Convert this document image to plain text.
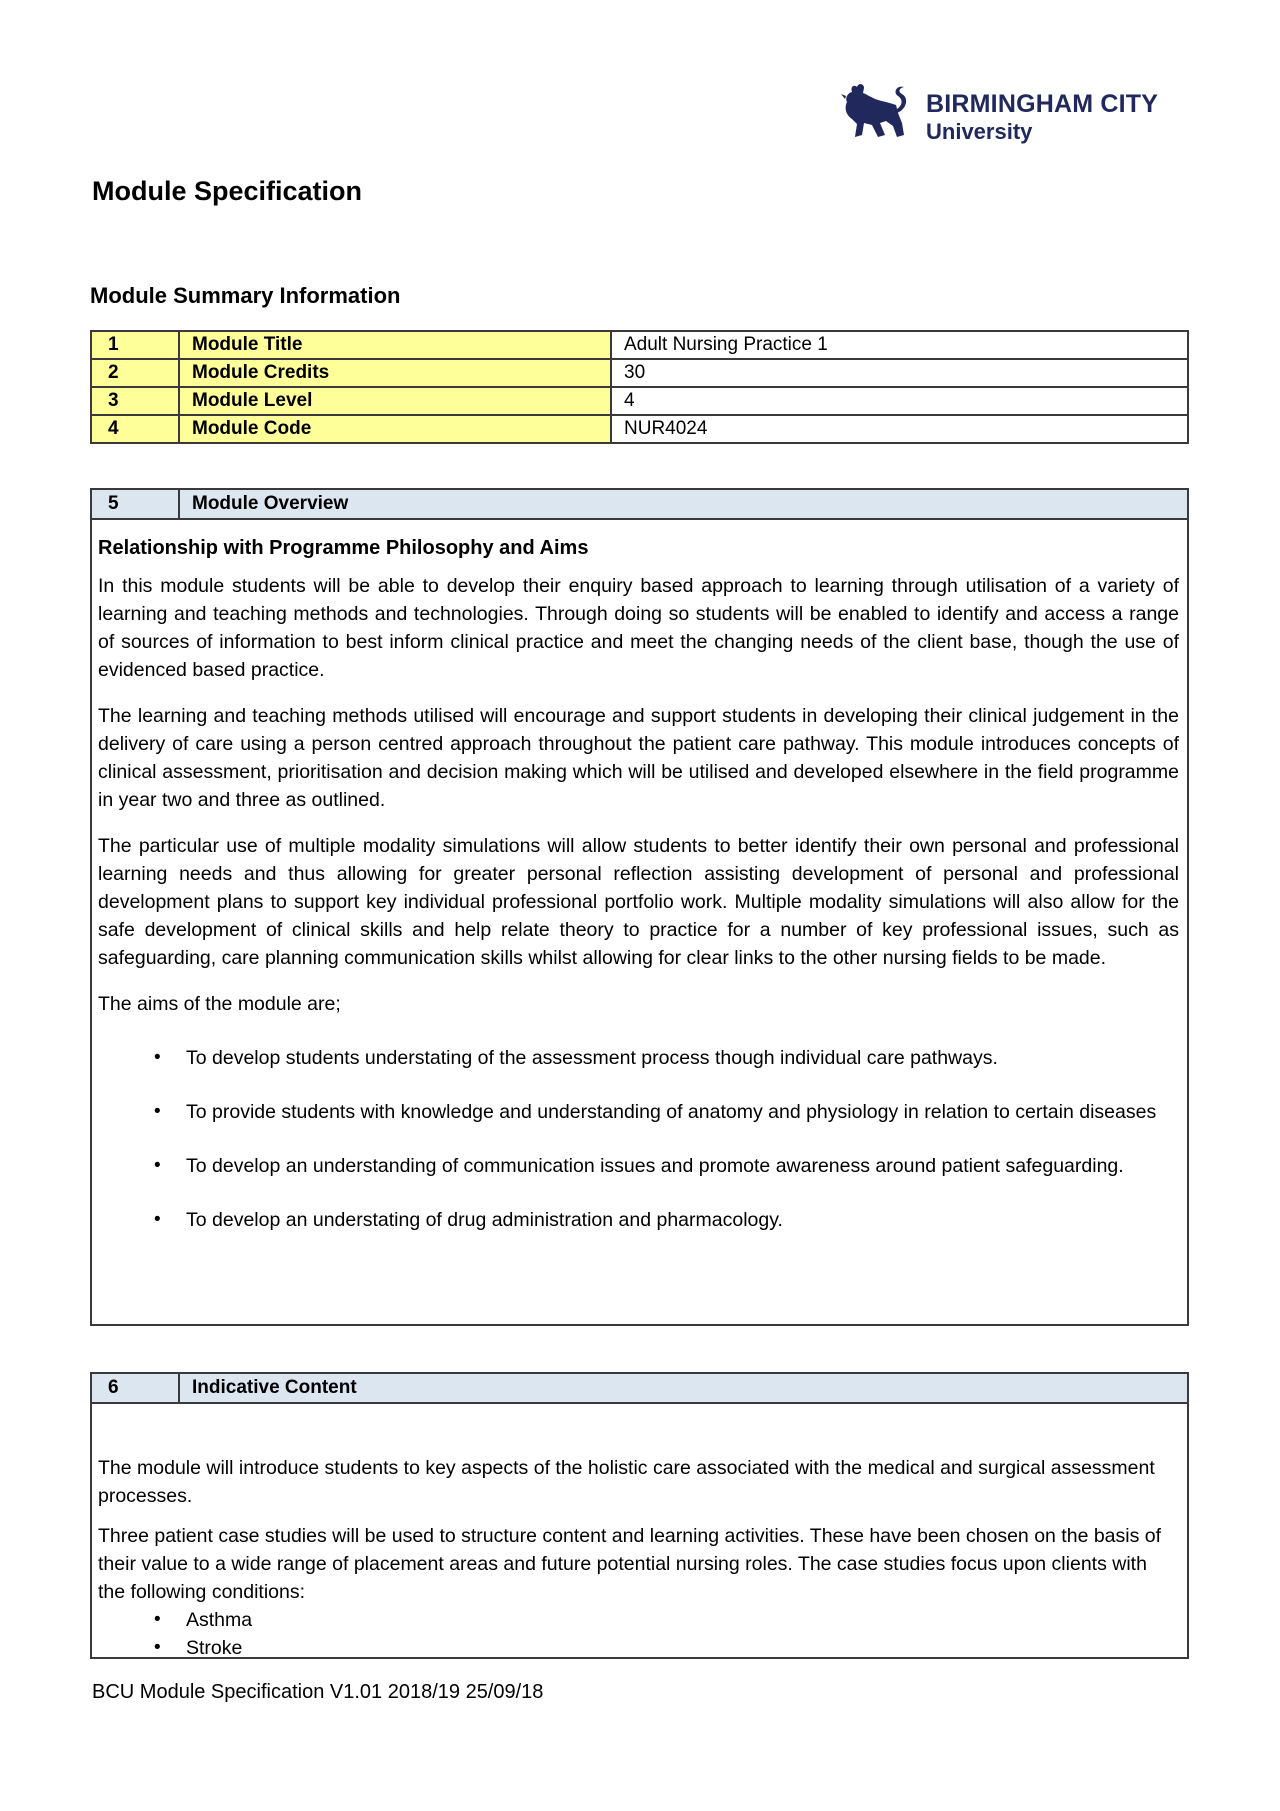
BIRMINGHAM CITY
University
Module Specification
Module Summary Information
1	Module Title	Adult Nursing Practice 1
2	Module Credits	30
3	Module Level	4
4	Module Code	NUR4024
5	Module Overview
Relationship with Programme Philosophy and Aims

In this module students will be able to develop their enquiry based approach to learning through utilisation of a variety of learning and teaching methods and technologies. Through doing so students will be enabled to identify and access a range of sources of information to best inform clinical practice and meet the changing needs of the client base, though the use of evidenced based practice.

The learning and teaching methods utilised will encourage and support students in developing their clinical judgement in the delivery of care using a person centred approach throughout the patient care pathway. This module introduces concepts of clinical assessment, prioritisation and decision making which will be utilised and developed elsewhere in the field programme in year two and three as outlined.

The particular use of multiple modality simulations will allow students to better identify their own personal and professional learning needs and thus allowing for greater personal reflection assisting development of personal and professional development plans to support key individual professional portfolio work. Multiple modality simulations will also allow for the safe development of clinical skills and help relate theory to practice for a number of key professional issues, such as safeguarding, care planning communication skills whilst allowing for clear links to the other nursing fields to be made.

The aims of the module are;

•	To develop students understating of the assessment process though individual care pathways.
•	To provide students with knowledge and understanding of anatomy and physiology in relation to certain diseases
•	To develop an understanding of communication issues and promote awareness around patient safeguarding.
•	To develop an understating of drug administration and pharmacology.
6	Indicative Content

The module will introduce students to key aspects of the holistic care associated with the medical and surgical assessment processes.

Three patient case studies will be used to structure content and learning activities. These have been chosen on the basis of their value to a wide range of placement areas and future potential nursing roles. The case studies focus upon clients with the following conditions:

•	Asthma
•	Stroke
BCU Module Specification V1.01 2018/19 25/09/18
